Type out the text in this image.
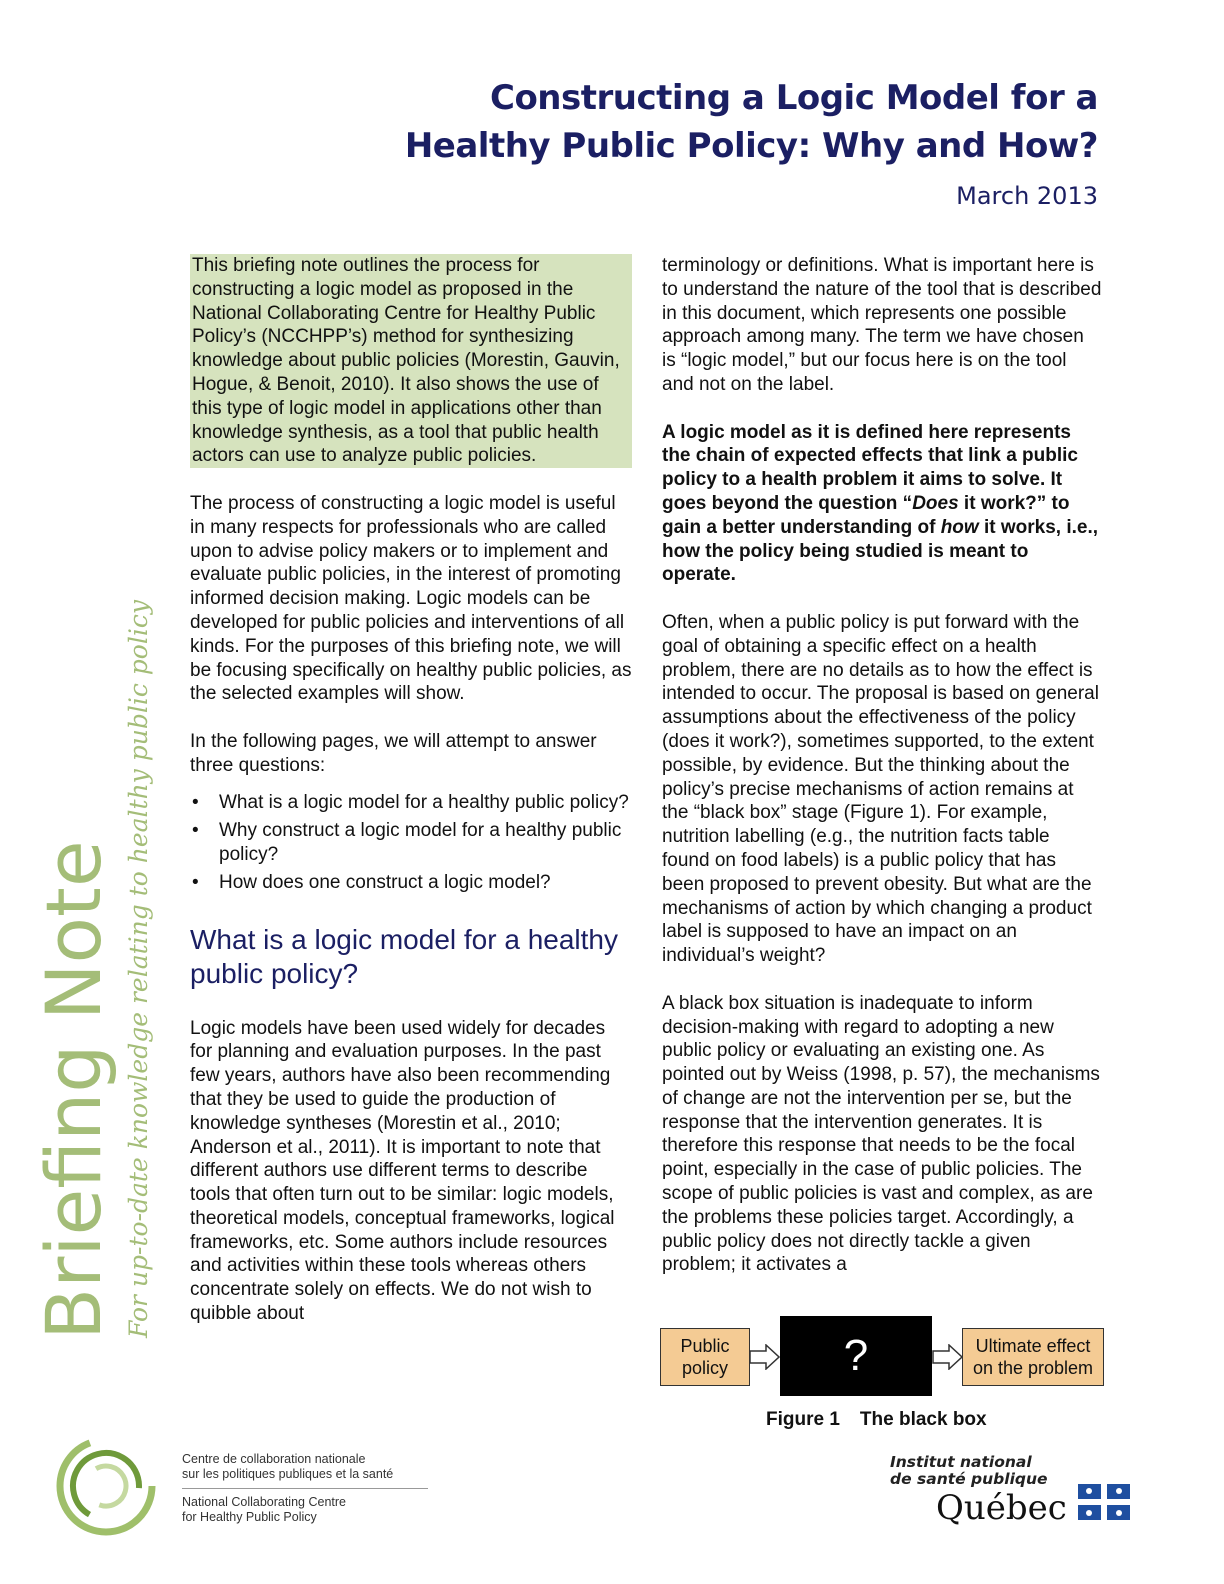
Constructing a Logic Model for a
Healthy Public Policy: Why and How?
March 2013
Briefing Note For up-to-date knowledge relating to healthy public policy

This briefing note outlines the process for constructing a logic model as proposed in the National Collaborating Centre for Healthy Public Policy’s (NCCHPP’s) method for synthesizing knowledge about public policies (Morestin, Gauvin, Hogue, & Benoit, 2010). It also shows the use of this type of logic model in applications other than knowledge synthesis, as a tool that public health actors can use to analyze public policies.

The process of constructing a logic model is useful in many respects for professionals who are called upon to advise policy makers or to implement and evaluate public policies, in the interest of promoting informed decision making. Logic models can be developed for public policies and interventions of all kinds. For the purposes of this briefing note, we will be focusing specifically on healthy public policies, as the selected examples will show.

In the following pages, we will attempt to answer three questions:

• What is a logic model for a healthy public policy?
• Why construct a logic model for a healthy public policy?
• How does one construct a logic model?
What is a logic model for a healthy public policy?

Logic models have been used widely for decades for planning and evaluation purposes. In the past few years, authors have also been recommending that they be used to guide the production of knowledge syntheses (Morestin et al., 2010; Anderson et al., 2011). It is important to note that different authors use different terms to describe tools that often turn out to be similar: logic models, theoretical models, conceptual frameworks, logical frameworks, etc. Some authors include resources and activities within these tools whereas others concentrate solely on effects. We do not wish to quibble about

terminology or definitions. What is important here is to understand the nature of the tool that is described in this document, which represents one possible approach among many. The term we have chosen is “logic model,” but our focus here is on the tool and not on the label.

A logic model as it is defined here represents the chain of expected effects that link a public policy to a health problem it aims to solve. It goes beyond the question “Does it work?” to gain a better understanding of how it works, i.e., how the policy being studied is meant to operate.

Often, when a public policy is put forward with the goal of obtaining a specific effect on a health problem, there are no details as to how the effect is intended to occur. The proposal is based on general assumptions about the effectiveness of the policy (does it work?), sometimes supported, to the extent possible, by evidence. But the thinking about the policy’s precise mechanisms of action remains at the “black box” stage (Figure 1). For example, nutrition labelling (e.g., the nutrition facts table found on food labels) is a public policy that has been proposed to prevent obesity. But what are the mechanisms of action by which changing a product label is supposed to have an impact on an individual’s weight?

A black box situation is inadequate to inform decision-making with regard to adopting a new public policy or evaluating an existing one. As pointed out by Weiss (1998, p. 57), the mechanisms of change are not the intervention per se, but the response that the intervention generates. It is therefore this response that needs to be the focal point, especially in the case of public policies. The scope of public policies is vast and complex, as are the problems these policies target. Accordingly, a public policy does not directly tackle a given problem; it activates a

Public
policy	?	Ultimate effect
on the problem
Figure 1 The black box
Centre de collaboration nationale
sur les politiques publiques et la santé
National Collaborating Centre
for Healthy Public Policy
Institut national
de santé publique
Québec
